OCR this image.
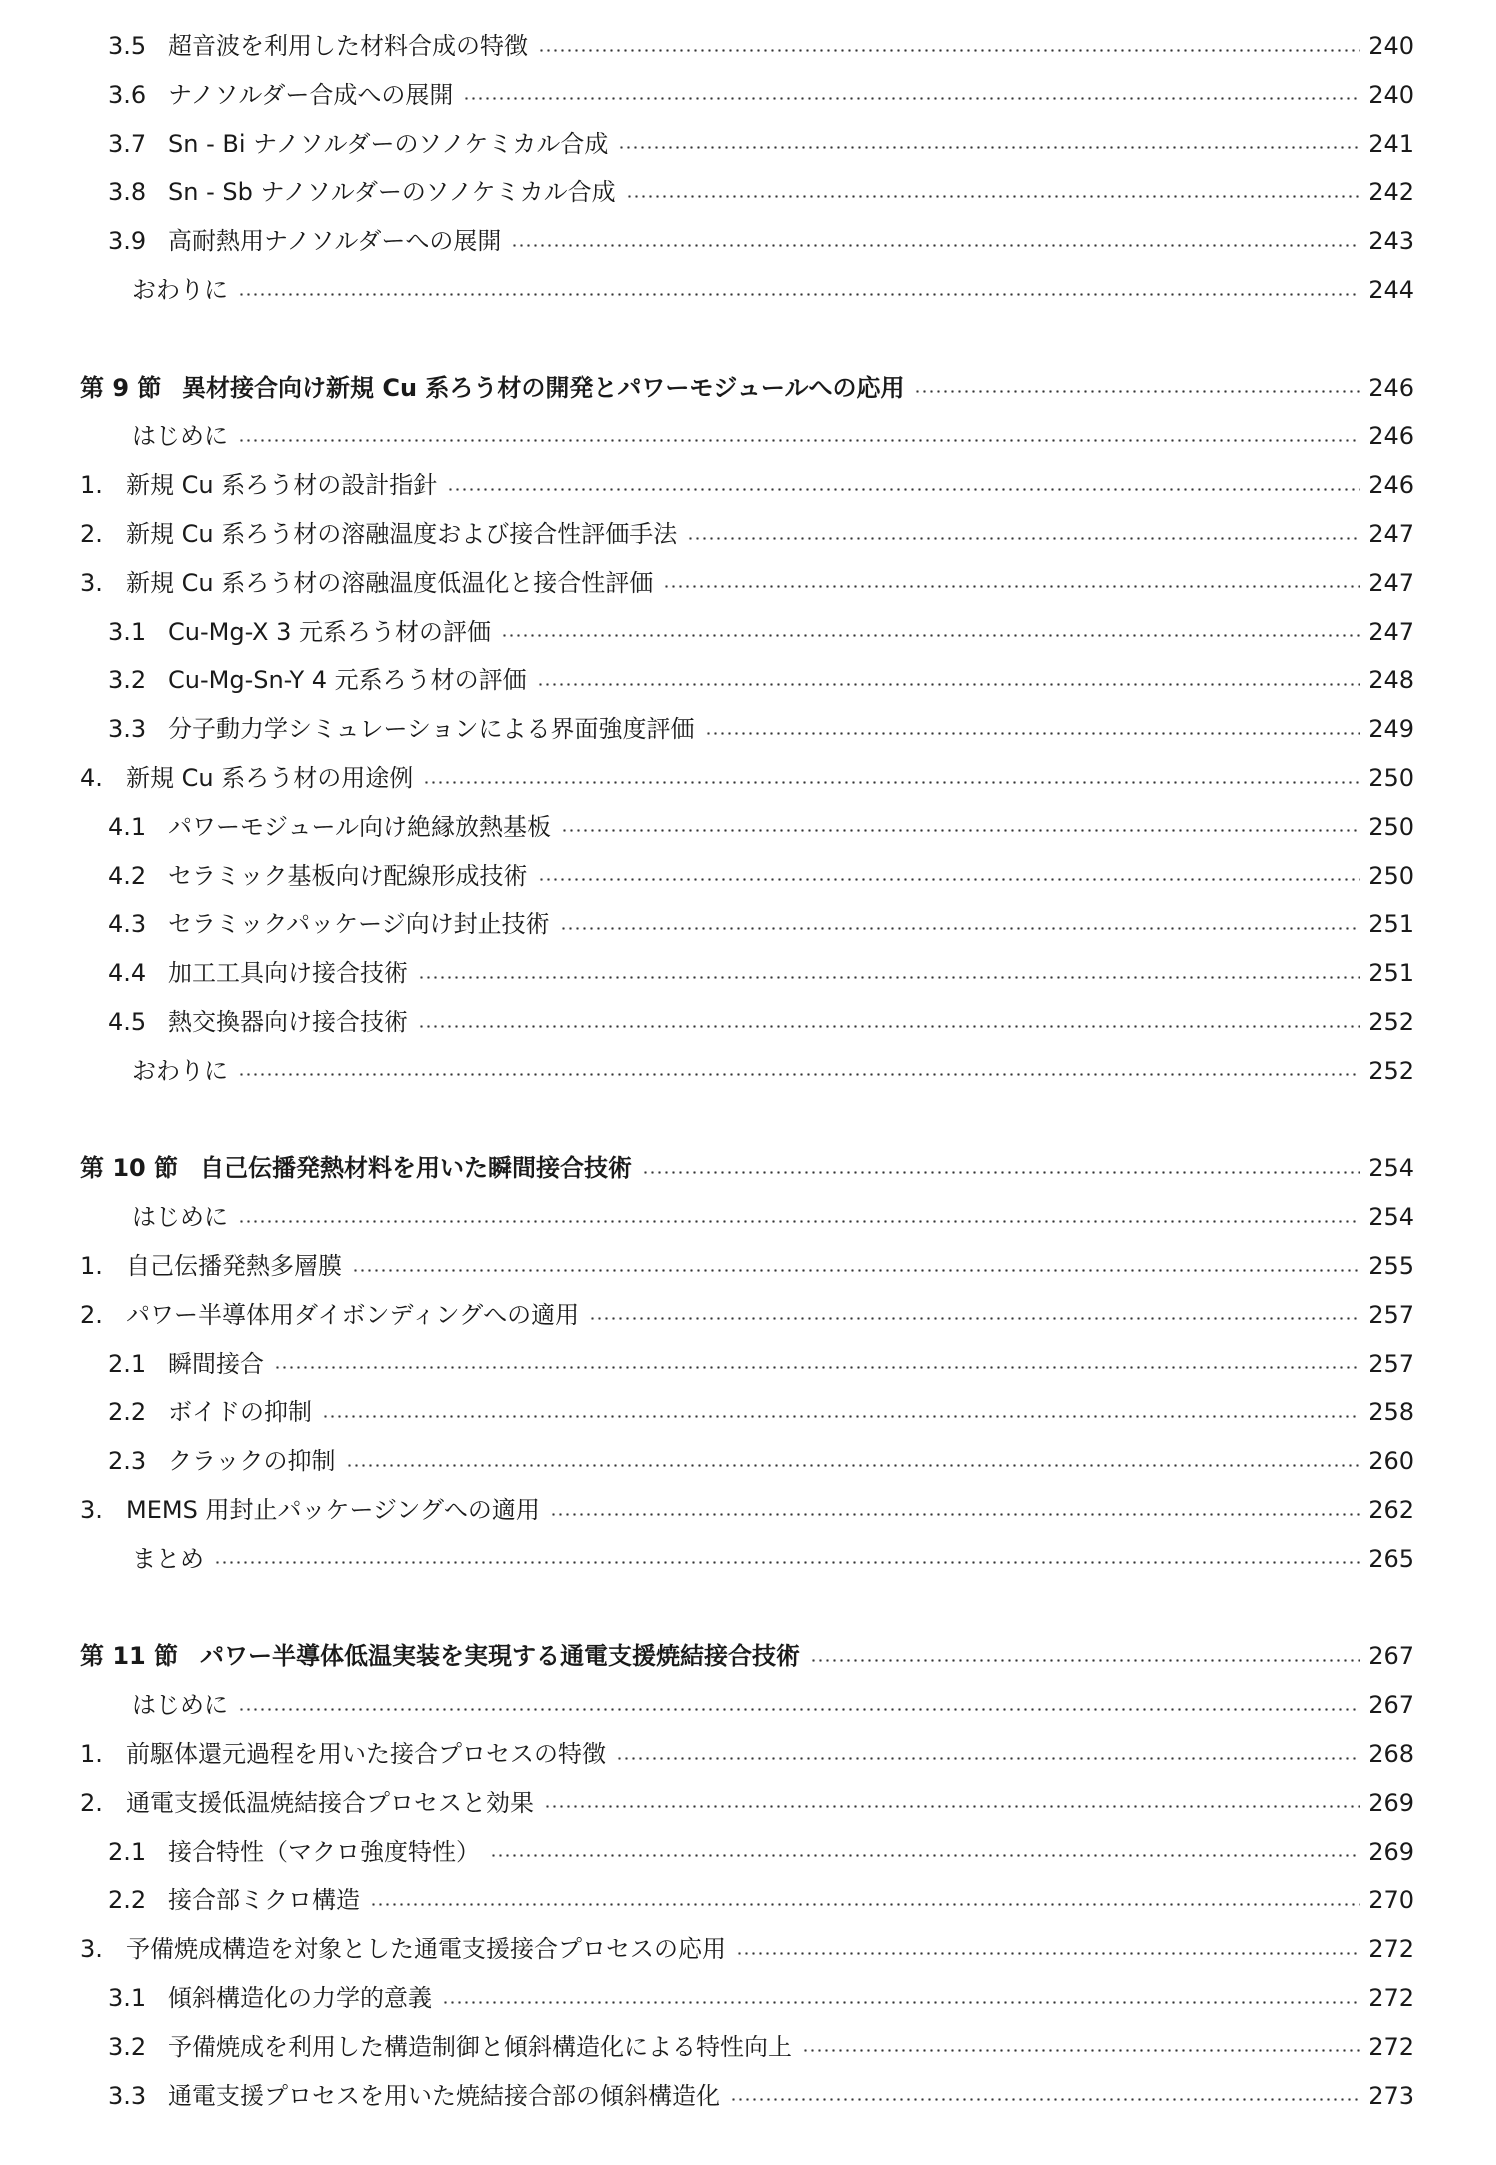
3.5 超音波を利用した材料合成の特徴	240
3.6 ナノソルダー合成への展開	240
3.7 Sn - Bi ナノソルダーのソノケミカル合成	241
3.8 Sn - Sb ナノソルダーのソノケミカル合成	242
3.9 高耐熱用ナノソルダーへの展開	243
おわりに	244
第 9 節 異材接合向け新規 Cu 系ろう材の開発とパワーモジュールへの応用	246
はじめに	246
1. 新規 Cu 系ろう材の設計指針	246
2. 新規 Cu 系ろう材の溶融温度および接合性評価手法	247
3. 新規 Cu 系ろう材の溶融温度低温化と接合性評価	247
3.1 Cu-Mg-X 3 元系ろう材の評価	247
3.2 Cu-Mg-Sn-Y 4 元系ろう材の評価	248
3.3 分子動力学シミュレーションによる界面強度評価	249
4. 新規 Cu 系ろう材の用途例	250
4.1 パワーモジュール向け絶縁放熱基板	250
4.2 セラミック基板向け配線形成技術	250
4.3 セラミックパッケージ向け封止技術	251
4.4 加工工具向け接合技術	251
4.5 熱交換器向け接合技術	252
おわりに	252
第 10 節 自己伝播発熱材料を用いた瞬間接合技術	254
はじめに	254
1. 自己伝播発熱多層膜	255
2. パワー半導体用ダイボンディングへの適用	257
2.1 瞬間接合	257
2.2 ボイドの抑制	258
2.3 クラックの抑制	260
3. MEMS 用封止パッケージングへの適用	262
まとめ	265
第 11 節 パワー半導体低温実装を実現する通電支援焼結接合技術	267
はじめに	267
1. 前駆体還元過程を用いた接合プロセスの特徴	268
2. 通電支援低温焼結接合プロセスと効果	269
2.1 接合特性（マクロ強度特性）	269
2.2 接合部ミクロ構造	270
3. 予備焼成構造を対象とした通電支援接合プロセスの応用	272
3.1 傾斜構造化の力学的意義	272
3.2 予備焼成を利用した構造制御と傾斜構造化による特性向上	272
3.3 通電支援プロセスを用いた焼結接合部の傾斜構造化	273
